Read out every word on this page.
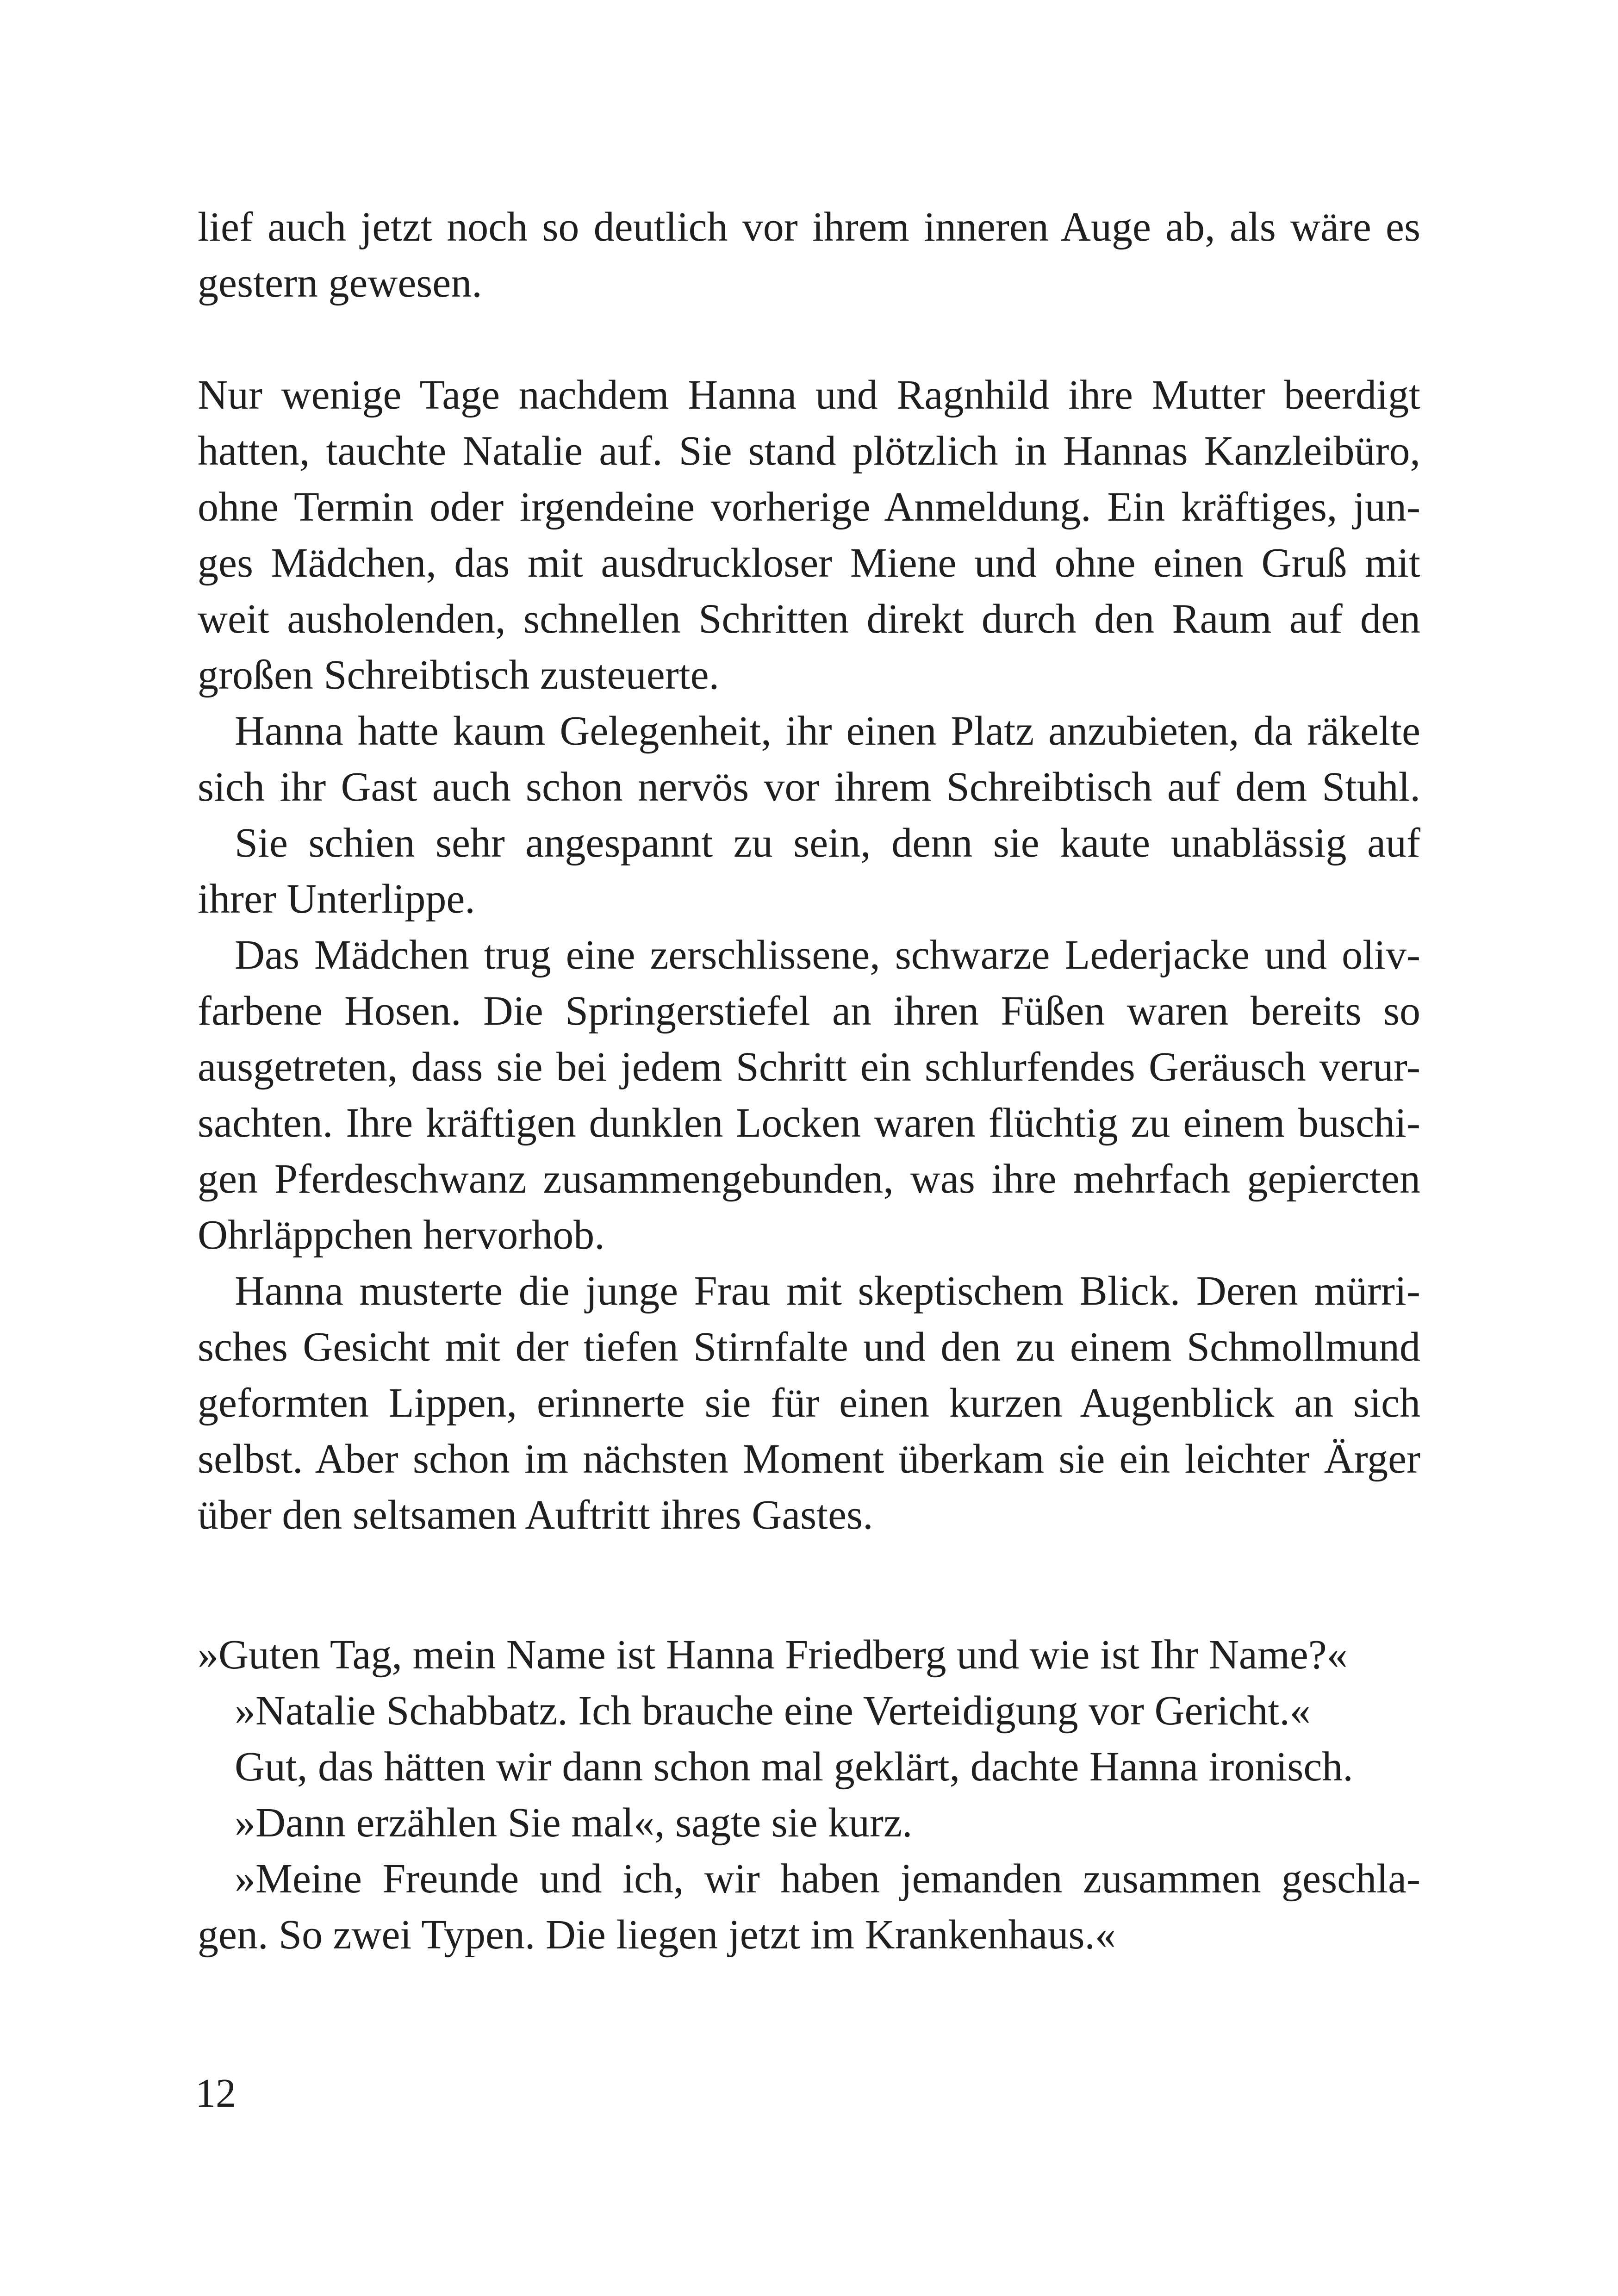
lief auch jetzt noch so deutlich vor ihrem inneren Auge ab, als wäre es
gestern gewesen.
Nur wenige Tage nachdem Hanna und Ragnhild ihre Mutter beerdigt
hatten, tauchte Natalie auf. Sie stand plötzlich in Hannas Kanzleibüro,
ohne Termin oder irgendeine vorherige Anmeldung. Ein kräftiges, jun-
ges Mädchen, das mit ausdruckloser Miene und ohne einen Gruß mit
weit ausholenden, schnellen Schritten direkt durch den Raum auf den
großen Schreibtisch zusteuerte.
Hanna hatte kaum Gelegenheit, ihr einen Platz anzubieten, da räkelte
sich ihr Gast auch schon nervös vor ihrem Schreibtisch auf dem Stuhl.
Sie schien sehr angespannt zu sein, denn sie kaute unablässig auf
ihrer Unterlippe.
Das Mädchen trug eine zerschlissene, schwarze Lederjacke und oliv-
farbene Hosen. Die Springerstiefel an ihren Füßen waren bereits so
ausgetreten, dass sie bei jedem Schritt ein schlurfendes Geräusch verur-
sachten. Ihre kräftigen dunklen Locken waren flüchtig zu einem buschi-
gen Pferdeschwanz zusammengebunden, was ihre mehrfach gepiercten
Ohrläppchen hervorhob.
Hanna musterte die junge Frau mit skeptischem Blick. Deren mürri-
sches Gesicht mit der tiefen Stirnfalte und den zu einem Schmollmund
geformten Lippen, erinnerte sie für einen kurzen Augenblick an sich
selbst. Aber schon im nächsten Moment überkam sie ein leichter Ärger
über den seltsamen Auftritt ihres Gastes.
»Guten Tag, mein Name ist Hanna Friedberg und wie ist Ihr Name?«
»Natalie Schabbatz. Ich brauche eine Verteidigung vor Gericht.«
Gut, das hätten wir dann schon mal geklärt, dachte Hanna ironisch.
»Dann erzählen Sie mal«, sagte sie kurz.
»Meine Freunde und ich, wir haben jemanden zusammen geschla-
gen. So zwei Typen. Die liegen jetzt im Krankenhaus.«
12
